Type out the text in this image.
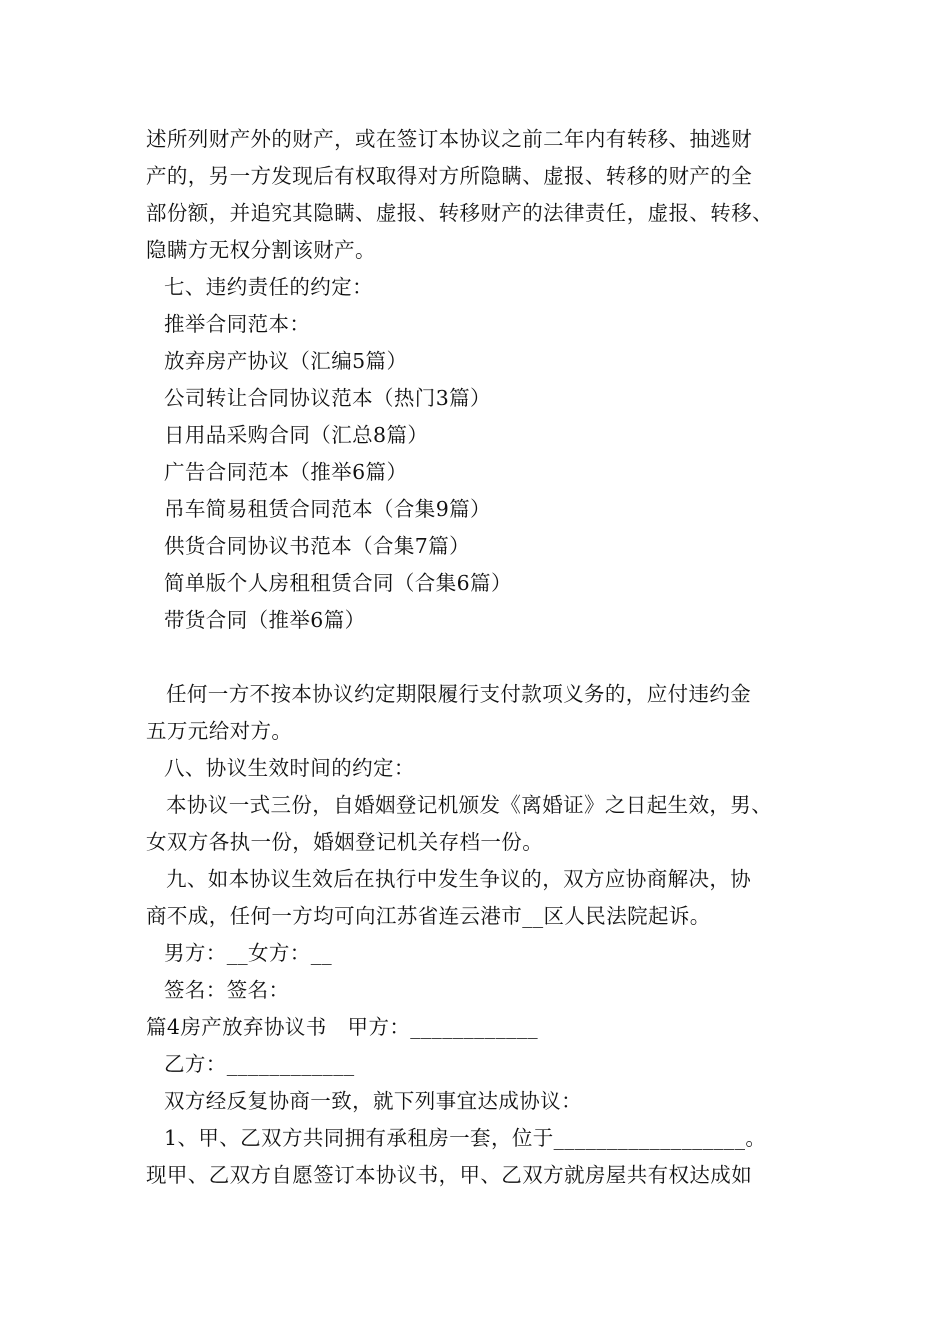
述所列财产外的财产，或在签订本协议之前二年内有转移、抽逃财
产的，另一方发现后有权取得对方所隐瞒、虚报、转移的财产的全
部份额，并追究其隐瞒、虚报、转移财产的法律责任，虚报、转移、
隐瞒方无权分割该财产。
七、违约责任的约定：
推举合同范本：
放弃房产协议（汇编5篇）
公司转让合同协议范本（热门3篇）
日用品采购合同（汇总8篇）
广告合同范本（推举6篇）
吊车简易租赁合同范本（合集9篇）
供货合同协议书范本（合集7篇）
简单版个人房租租赁合同（合集6篇）
带货合同（推举6篇）
任何一方不按本协议约定期限履行支付款项义务的，应付违约金
五万元给对方。
八、协议生效时间的约定：
本协议一式三份，自婚姻登记机颁发《离婚证》之日起生效，男、
女双方各执一份，婚姻登记机关存档一份。
九、如本协议生效后在执行中发生争议的，双方应协商解决，协
商不成，任何一方均可向江苏省连云港市__区人民法院起诉。
男方：__女方：__
签名：签名：
篇4房产放弃协议书　甲方：____________
乙方：____________
双方经反复协商一致，就下列事宜达成协议：
1、甲、乙双方共同拥有承租房一套，位于__________________。
现甲、乙双方自愿签订本协议书，甲、乙双方就房屋共有权达成如
